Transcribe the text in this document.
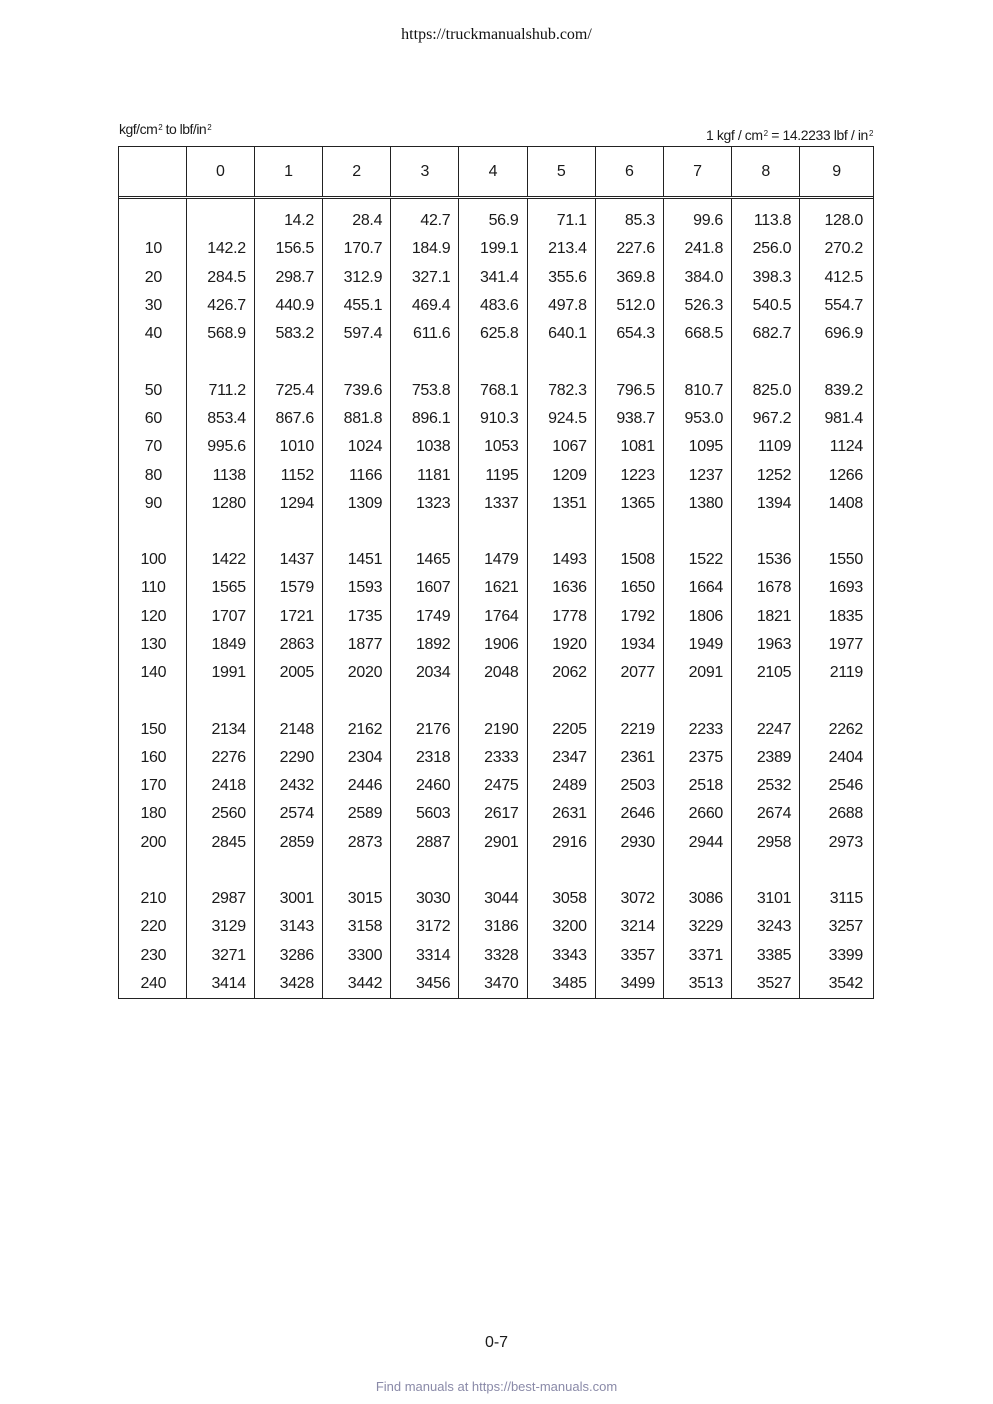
https://truckmanualshub.com/
kgf/$cm^2$ to lbf/$in^2$	1 kgf / $cm^2 = 14.2233$ lbf / $in^2$
	0	1	2	3	4	5	6	7	8	9
		14.2	28.4	42.7	56.9	71.1	85.3	99.6	113.8	128.0
10	142.2	156.5	170.7	184.9	199.1	213.4	227.6	241.8	256.0	270.2
20	284.5	298.7	312.9	327.1	341.4	355.6	369.8	384.0	398.3	412.5
30	426.7	440.9	455.1	469.4	483.6	497.8	512.0	526.3	540.5	554.7
40	568.9	583.2	597.4	611.6	625.8	640.1	654.3	668.5	682.7	696.9

50	711.2	725.4	739.6	753.8	768.1	782.3	796.5	810.7	825.0	839.2
60	853.4	867.6	881.8	896.1	910.3	924.5	938.7	953.0	967.2	981.4
70	995.6	1010	1024	1038	1053	1067	1081	1095	1109	1124
80	1138	1152	1166	1181	1195	1209	1223	1237	1252	1266
90	1280	1294	1309	1323	1337	1351	1365	1380	1394	1408

100	1422	1437	1451	1465	1479	1493	1508	1522	1536	1550
110	1565	1579	1593	1607	1621	1636	1650	1664	1678	1693
120	1707	1721	1735	1749	1764	1778	1792	1806	1821	1835
130	1849	2863	1877	1892	1906	1920	1934	1949	1963	1977
140	1991	2005	2020	2034	2048	2062	2077	2091	2105	2119

150	2134	2148	2162	2176	2190	2205	2219	2233	2247	2262
160	2276	2290	2304	2318	2333	2347	2361	2375	2389	2404
170	2418	2432	2446	2460	2475	2489	2503	2518	2532	2546
180	2560	2574	2589	5603	2617	2631	2646	2660	2674	2688
200	2845	2859	2873	2887	2901	2916	2930	2944	2958	2973

210	2987	3001	3015	3030	3044	3058	3072	3086	3101	3115
220	3129	3143	3158	3172	3186	3200	3214	3229	3243	3257
230	3271	3286	3300	3314	3328	3343	3357	3371	3385	3399
240	3414	3428	3442	3456	3470	3485	3499	3513	3527	3542
0-7
Find manuals at https://best-manuals.com
